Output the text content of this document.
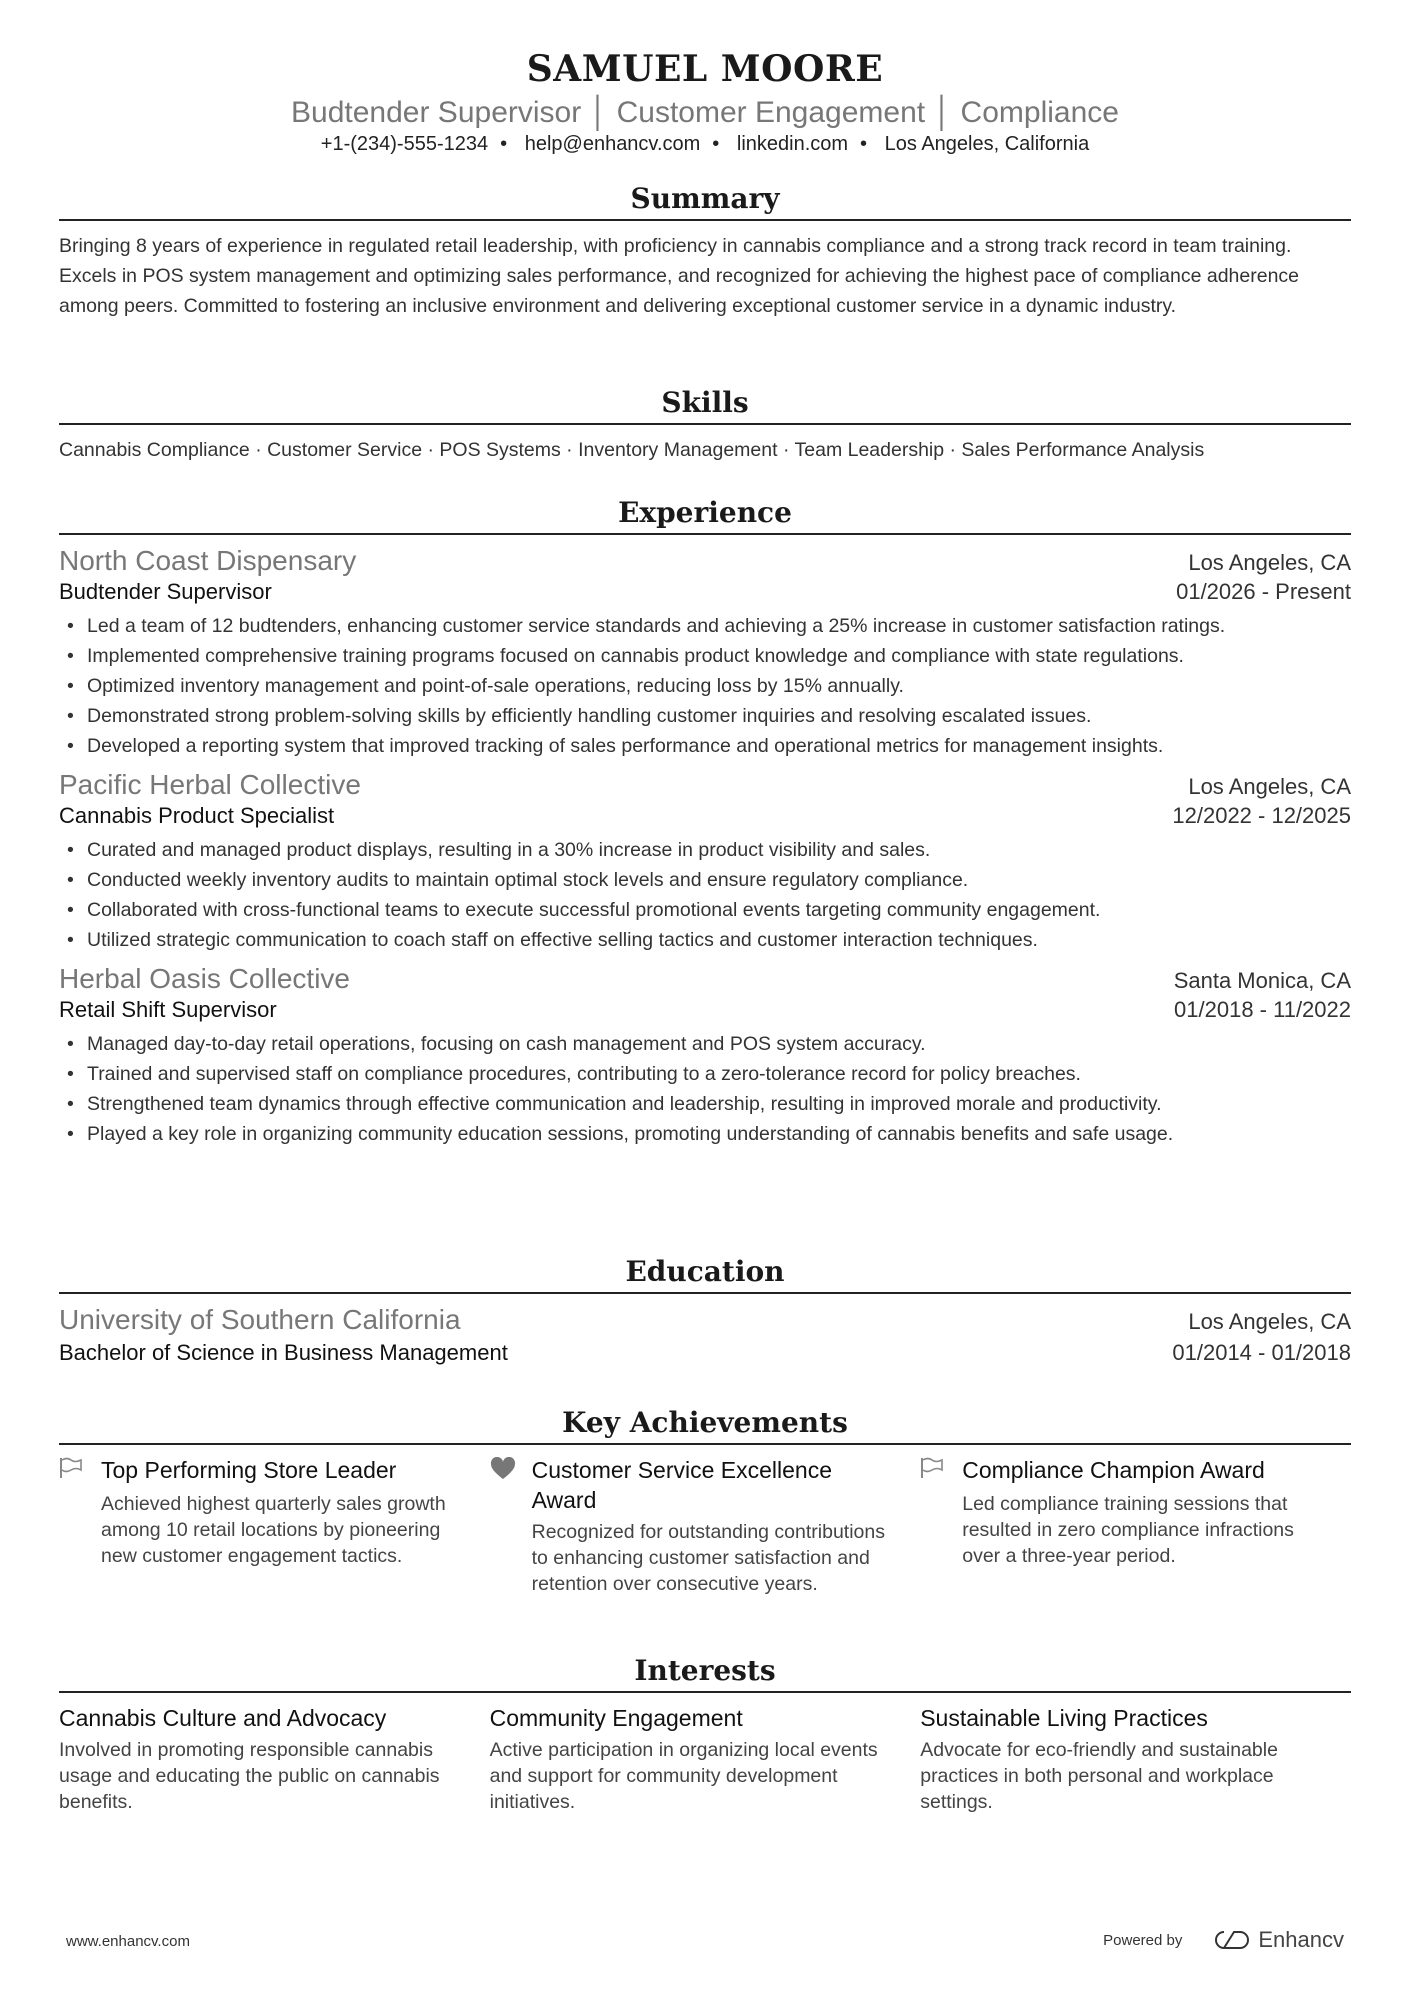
SAMUEL MOORE
Budtender Supervisor │ Customer Engagement │ Compliance
+1-(234)-555-1234 • help@enhancv.com • linkedin.com • Los Angeles, California
Summary

Bringing 8 years of experience in regulated retail leadership, with proficiency in cannabis compliance and a strong track record in team training. Excels in POS system management and optimizing sales performance, and recognized for achieving the highest pace of compliance adherence among peers. Committed to fostering an inclusive environment and delivering exceptional customer service in a dynamic industry.

Skills

Cannabis Compliance · Customer Service · POS Systems · Inventory Management · Team Leadership · Sales Performance Analysis

Experience
North Coast Dispensary	Los Angeles, CA
Budtender Supervisor	01/2026 - Present
• Led a team of 12 budtenders, enhancing customer service standards and achieving a 25% increase in customer satisfaction ratings.
• Implemented comprehensive training programs focused on cannabis product knowledge and compliance with state regulations.
• Optimized inventory management and point-of-sale operations, reducing loss by 15% annually.
• Demonstrated strong problem-solving skills by efficiently handling customer inquiries and resolving escalated issues.
• Developed a reporting system that improved tracking of sales performance and operational metrics for management insights.
Pacific Herbal Collective	Los Angeles, CA
Cannabis Product Specialist	12/2022 - 12/2025
• Curated and managed product displays, resulting in a 30% increase in product visibility and sales.
• Conducted weekly inventory audits to maintain optimal stock levels and ensure regulatory compliance.
• Collaborated with cross-functional teams to execute successful promotional events targeting community engagement.
• Utilized strategic communication to coach staff on effective selling tactics and customer interaction techniques.
Herbal Oasis Collective	Santa Monica, CA
Retail Shift Supervisor	01/2018 - 11/2022
• Managed day-to-day retail operations, focusing on cash management and POS system accuracy.
• Trained and supervised staff on compliance procedures, contributing to a zero-tolerance record for policy breaches.
• Strengthened team dynamics through effective communication and leadership, resulting in improved morale and productivity.
• Played a key role in organizing community education sessions, promoting understanding of cannabis benefits and safe usage.
Education
University of Southern California	Los Angeles, CA
Bachelor of Science in Business Management	01/2014 - 01/2018
Key Achievements
Top Performing Store Leader
Achieved highest quarterly sales growth among 10 retail locations by pioneering new customer engagement tactics.
Customer Service Excellence Award
Recognized for outstanding contributions to enhancing customer satisfaction and retention over consecutive years.
Compliance Champion Award
Led compliance training sessions that resulted in zero compliance infractions over a three-year period.
Interests
Cannabis Culture and Advocacy
Involved in promoting responsible cannabis usage and educating the public on cannabis benefits.
Community Engagement
Active participation in organizing local events and support for community development initiatives.
Sustainable Living Practices
Advocate for eco-friendly and sustainable practices in both personal and workplace settings.
www.enhancv.com	Powered by	Enhancv
